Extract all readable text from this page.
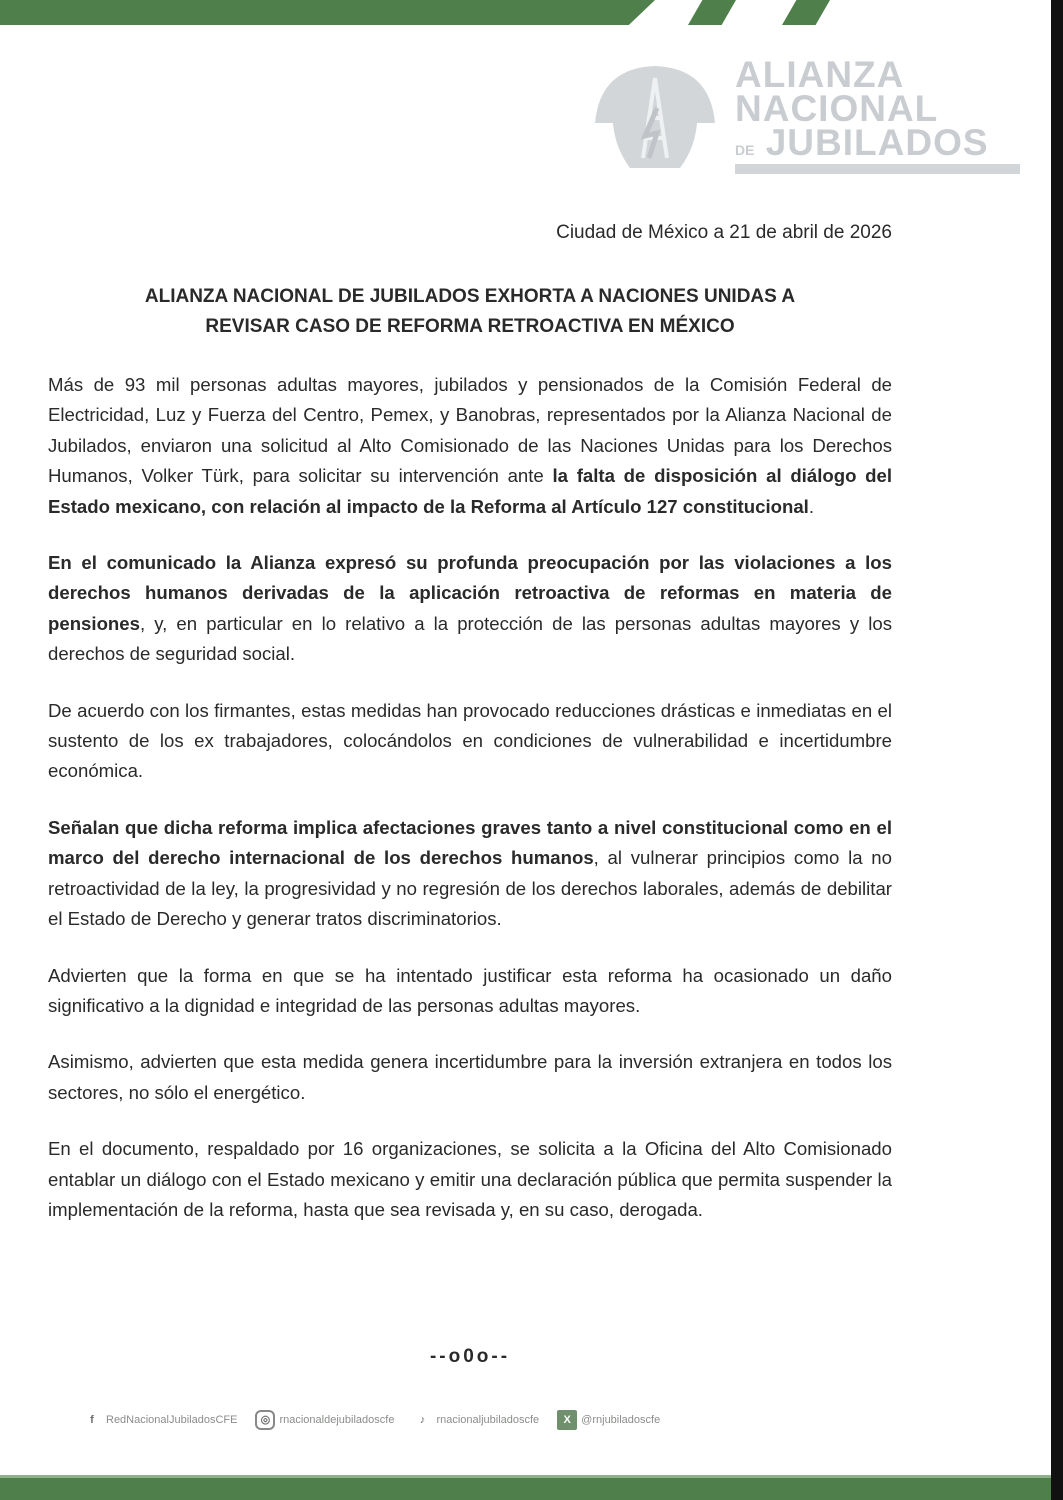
ALIANZA
NACIONAL
DE JUBILADOS
Ciudad de México a 21 de abril de 2026
ALIANZA NACIONAL DE JUBILADOS EXHORTA A NACIONES UNIDAS A
REVISAR CASO DE REFORMA RETROACTIVA EN MÉXICO

Más de 93 mil personas adultas mayores, jubilados y pensionados de la Comisión Federal de Electricidad, Luz y Fuerza del Centro, Pemex, y Banobras, representados por la Alianza Nacional de Jubilados, enviaron una solicitud al Alto Comisionado de las Naciones Unidas para los Derechos Humanos, Volker Türk, para solicitar su intervención ante la falta de disposición al diálogo del Estado mexicano, con relación al impacto de la Reforma al Artículo 127 constitucional.

En el comunicado la Alianza expresó su profunda preocupación por las violaciones a los derechos humanos derivadas de la aplicación retroactiva de reformas en materia de pensiones, y, en particular en lo relativo a la protección de las personas adultas mayores y los derechos de seguridad social.

De acuerdo con los firmantes, estas medidas han provocado reducciones drásticas e inmediatas en el sustento de los ex trabajadores, colocándolos en condiciones de vulnerabilidad e incertidumbre económica.

Señalan que dicha reforma implica afectaciones graves tanto a nivel constitucional como en el marco del derecho internacional de los derechos humanos, al vulnerar principios como la no retroactividad de la ley, la progresividad y no regresión de los derechos laborales, además de debilitar el Estado de Derecho y generar tratos discriminatorios.

Advierten que la forma en que se ha intentado justificar esta reforma ha ocasionado un daño significativo a la dignidad e integridad de las personas adultas mayores.

Asimismo, advierten que esta medida genera incertidumbre para la inversión extranjera en todos los sectores, no sólo el energético.

En el documento, respaldado por 16 organizaciones, se solicita a la Oficina del Alto Comisionado entablar un diálogo con el Estado mexicano y emitir una declaración pública que permita suspender la implementación de la reforma, hasta que sea revisada y, en su caso, derogada.

--o0o--
f	RedNacionalJubiladosCFE	◎ rnacionaldejubiladoscfe	♪	rnacionaljubiladoscfe	X @rnjubiladoscfe
